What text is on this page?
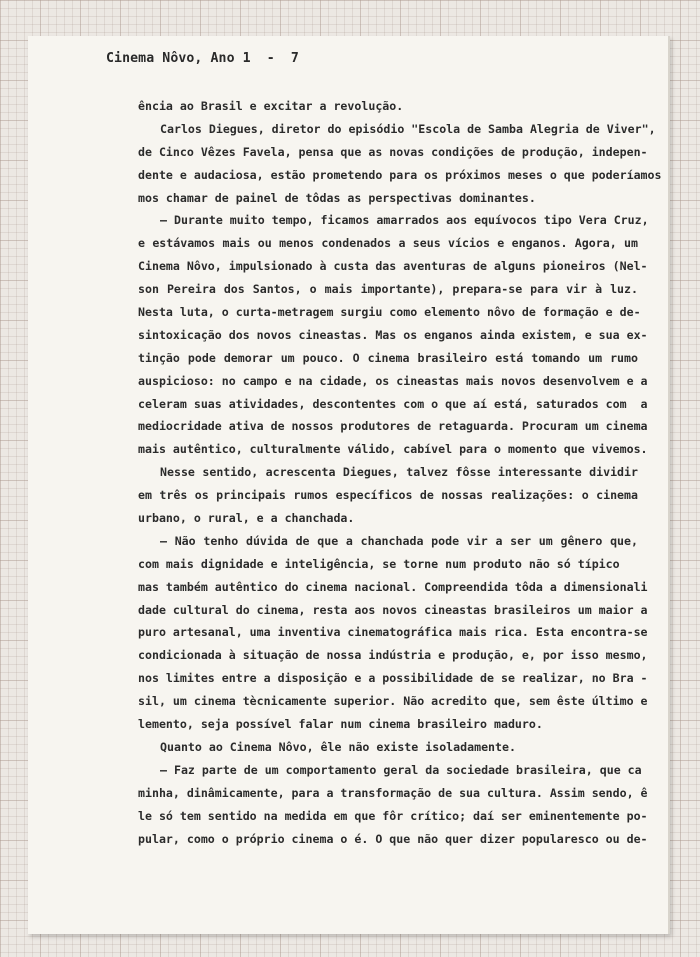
Cinema Nôvo, Ano 1  -  7
ência ao Brasil e excitar a revolução.
Carlos Diegues, diretor do episódio "Escola de Samba Alegria de Viver",
de Cinco Vêzes Favela, pensa que as novas condições de produção, indepen-
dente e audaciosa, estão prometendo para os próximos meses o que poderíamos
mos chamar de painel de tôdas as perspectivas dominantes.
— Durante muito tempo, ficamos amarrados aos equívocos tipo Vera Cruz,
e estávamos mais ou menos condenados a seus vícios e enganos. Agora, um
Cinema Nôvo, impulsionado à custa das aventuras de alguns pioneiros (Nel-
son Pereira dos Santos, o mais importante), prepara-se para vir à luz.
Nesta luta, o curta-metragem surgiu como elemento nôvo de formação e de-
sintoxicação dos novos cineastas. Mas os enganos ainda existem, e sua ex-
tinção pode demorar um pouco. O cinema brasileiro está tomando um rumo
auspicioso: no campo e na cidade, os cineastas mais novos desenvolvem e a
celeram suas atividades, descontentes com o que aí está, saturados com  a
mediocridade ativa de nossos produtores de retaguarda. Procuram um cinema
mais autêntico, culturalmente válido, cabível para o momento que vivemos.
Nesse sentido, acrescenta Diegues, talvez fôsse interessante dividir
em três os principais rumos específicos de nossas realizações: o cinema
urbano, o rural, e a chanchada.
— Não tenho dúvida de que a chanchada pode vir a ser um gênero que,
com mais dignidade e inteligência, se torne num produto não só típico
mas também autêntico do cinema nacional. Compreendida tôda a dimensionali
dade cultural do cinema, resta aos novos cineastas brasileiros um maior a
puro artesanal, uma inventiva cinematográfica mais rica. Esta encontra-se
condicionada à situação de nossa indústria e produção, e, por isso mesmo,
nos limites entre a disposição e a possibilidade de se realizar, no Bra -
sil, um cinema tècnicamente superior. Não acredito que, sem êste último e
lemento, seja possível falar num cinema brasileiro maduro.
Quanto ao Cinema Nôvo, êle não existe isoladamente.
— Faz parte de um comportamento geral da sociedade brasileira, que ca
minha, dinâmicamente, para a transformação de sua cultura. Assim sendo, ê
le só tem sentido na medida em que fôr crítico; daí ser eminentemente po-
pular, como o próprio cinema o é. O que não quer dizer popularesco ou de-
